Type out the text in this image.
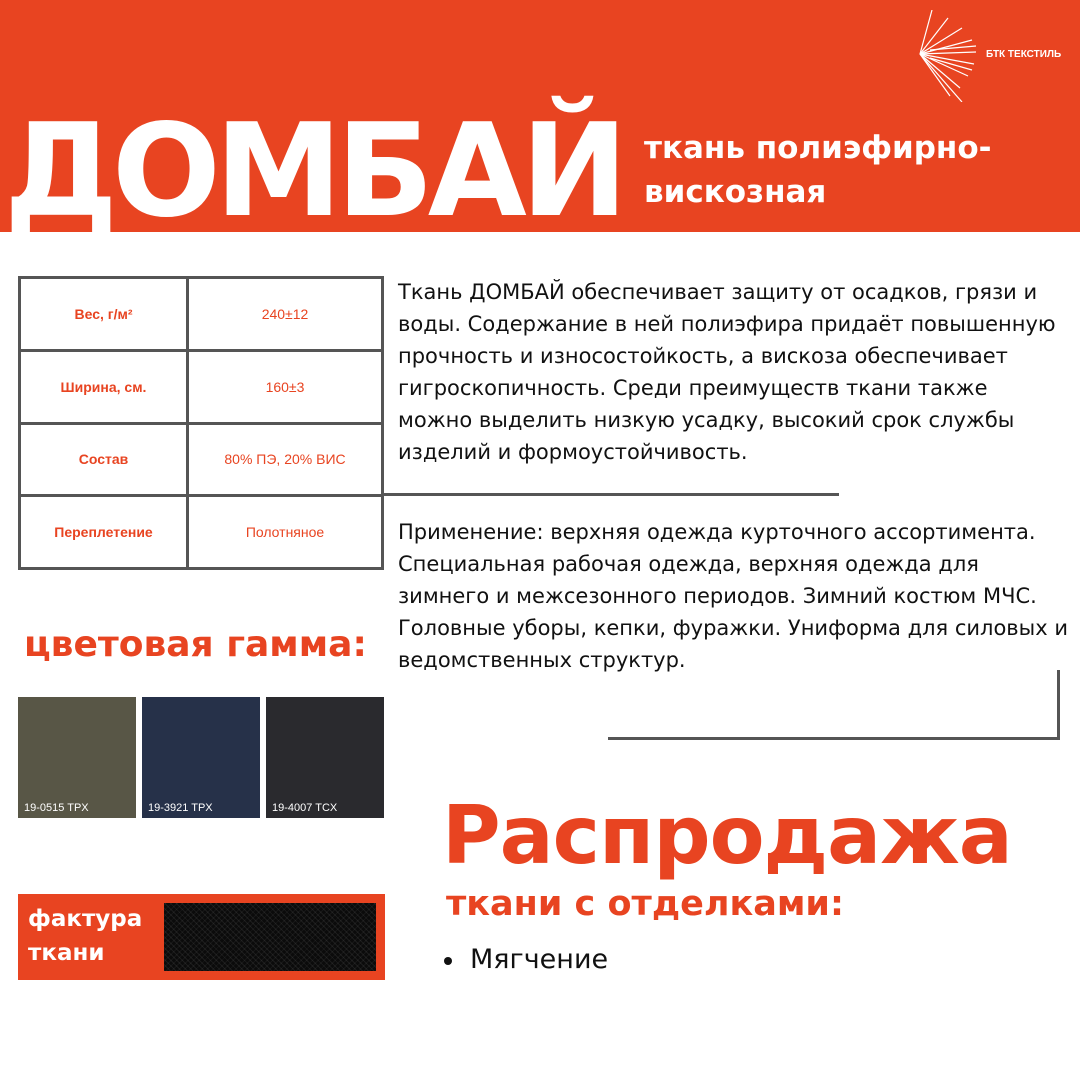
ДОМБАЙ ткань полиэфирно-
вискозная
БТК ТЕКСТИЛЬ
Вес, г/м²	240±12
Ширина, см.	160±3
Состав	80% ПЭ, 20% ВИС
Переплетение	Полотняное

Ткань ДОМБАЙ обеспечивает защиту от осадков, грязи и воды. Содержание в ней полиэфира придаёт повышенную прочность и износостойкость, а вискоза обеспечивает гигроскопичность. Среди преимуществ ткани также можно выделить низкую усадку, высокий срок службы изделий и формоустойчивость.

Применение: верхняя одежда курточного ассортимента. Специальная рабочая одежда, верхняя одежда для зимнего и межсезонного периодов. Зимний костюм МЧС. Головные уборы, кепки, фуражки. Униформа для силовых и ведомственных структур.

цветовая гамма:
19-0515 TPX	19-3921 TPX	19-4007 TCX
фактура
ткани
Распродажа
ткани с отделками:
Мягчение
